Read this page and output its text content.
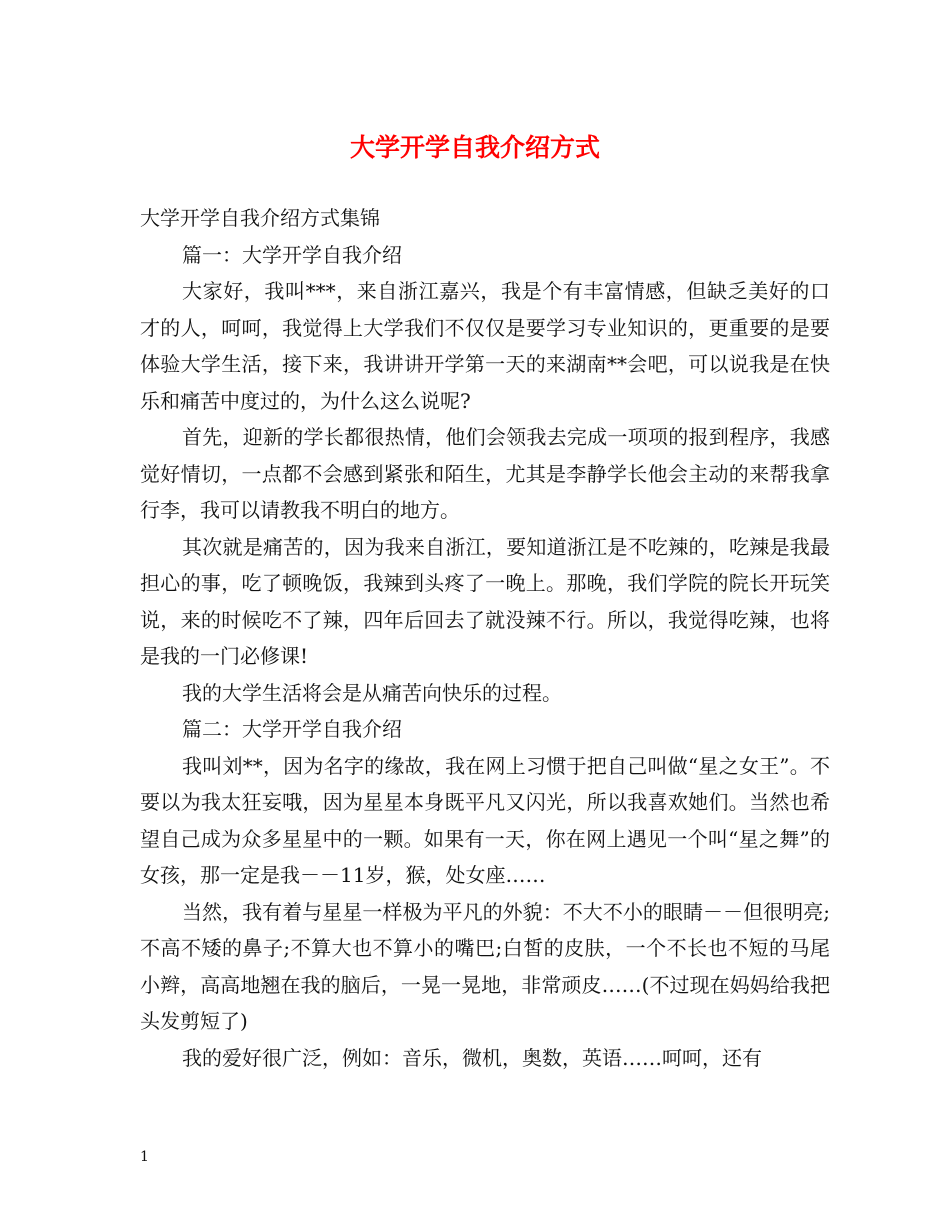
大学开学自我介绍方式

大学开学自我介绍方式集锦

篇一：大学开学自我介绍

大家好，我叫***，来自浙江嘉兴，我是个有丰富情感，但缺乏美好的口才的人，呵呵，我觉得上大学我们不仅仅是要学习专业知识的，更重要的是要体验大学生活，接下来，我讲讲开学第一天的来湖南**会吧，可以说我是在快乐和痛苦中度过的，为什么这么说呢?

首先，迎新的学长都很热情，他们会领我去完成一项项的报到程序，我感觉好情切，一点都不会感到紧张和陌生，尤其是李静学长他会主动的来帮我拿行李，我可以请教我不明白的地方。

其次就是痛苦的，因为我来自浙江，要知道浙江是不吃辣的，吃辣是我最担心的事，吃了顿晚饭，我辣到头疼了一晚上。那晚，我们学院的院长开玩笑说，来的时候吃不了辣，四年后回去了就没辣不行。所以，我觉得吃辣，也将是我的一门必修课!

我的大学生活将会是从痛苦向快乐的过程。

篇二：大学开学自我介绍

我叫刘**，因为名字的缘故，我在网上习惯于把自己叫做“星之女王”。不要以为我太狂妄哦，因为星星本身既平凡又闪光，所以我喜欢她们。当然也希望自己成为众多星星中的一颗。如果有一天，你在网上遇见一个叫“星之舞”的女孩，那一定是我－－11岁，猴，处女座……

当然，我有着与星星一样极为平凡的外貌：不大不小的眼睛－－但很明亮;不高不矮的鼻子;不算大也不算小的嘴巴;白皙的皮肤，一个不长也不短的马尾小辫，高高地翘在我的脑后，一晃一晃地，非常顽皮……(不过现在妈妈给我把头发剪短了)

我的爱好很广泛，例如：音乐，微机，奥数，英语……呵呵，还有

1
